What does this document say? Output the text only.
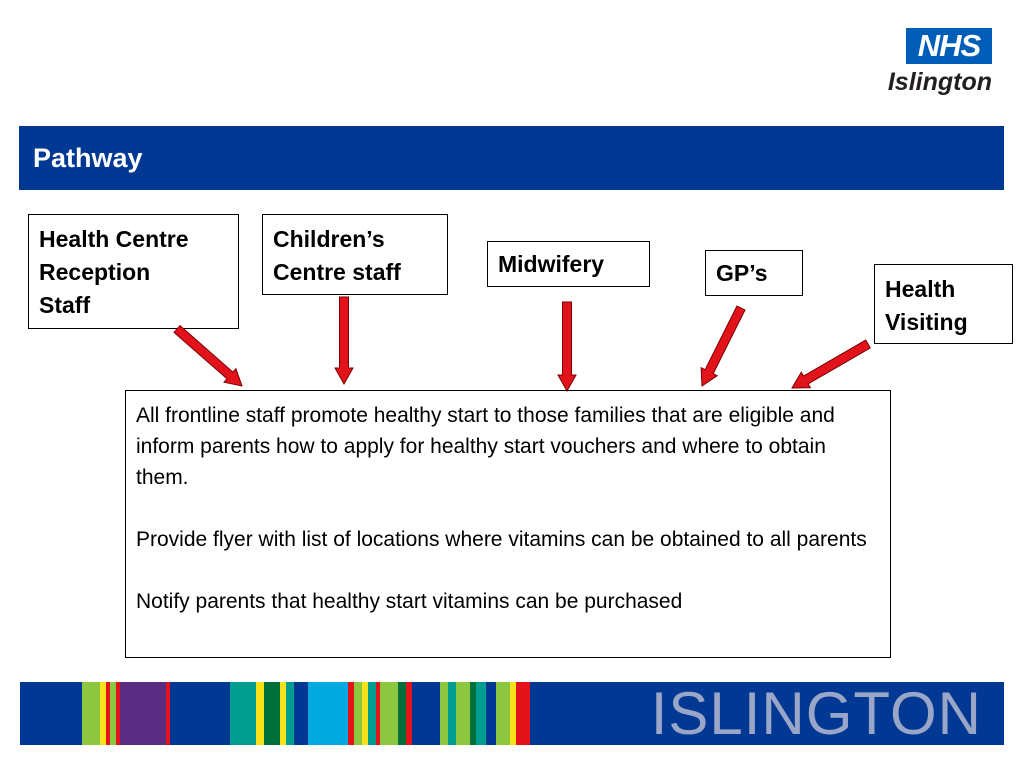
NHS
Islington
Pathway
Health Centre
Reception
Staff
Children’s
Centre staff	Midwifery	GP’s
Health
Visiting

All frontline staff promote healthy start to those families that are eligible and inform parents how to apply for healthy start vouchers and where to obtain them.

Provide flyer with list of locations where vitamins can be obtained to all parents

Notify parents that healthy start vitamins can be purchased

ISLINGTON
